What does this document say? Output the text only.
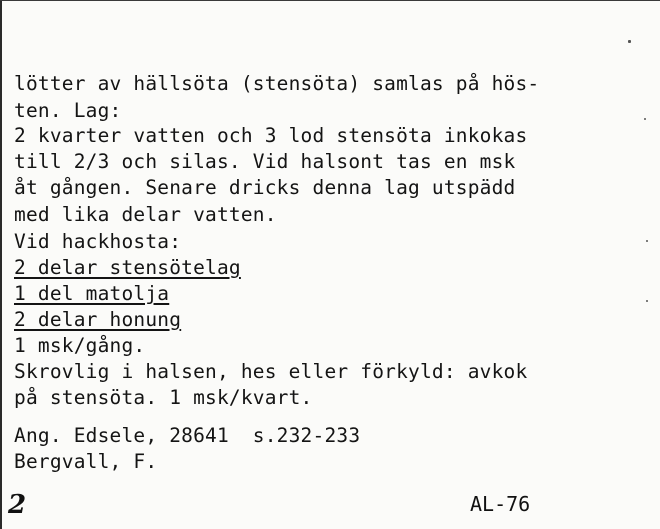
lötter av hällsöta (stensöta) samlas på hös-
ten. Lag:
2 kvarter vatten och 3 lod stensöta inkokas
till 2/3 och silas. Vid halsont tas en msk
åt gången. Senare dricks denna lag utspädd
med lika delar vatten.
Vid hackhosta:
2 delar stensötelag
1 del matolja
2 delar honung
1 msk/gång.
Skrovlig i halsen, hes eller förkyld: avkok
på stensöta. 1 msk/kvart.
Ang. Edsele, 28641  s.232-233
Bergvall, F.
2	AL-76
